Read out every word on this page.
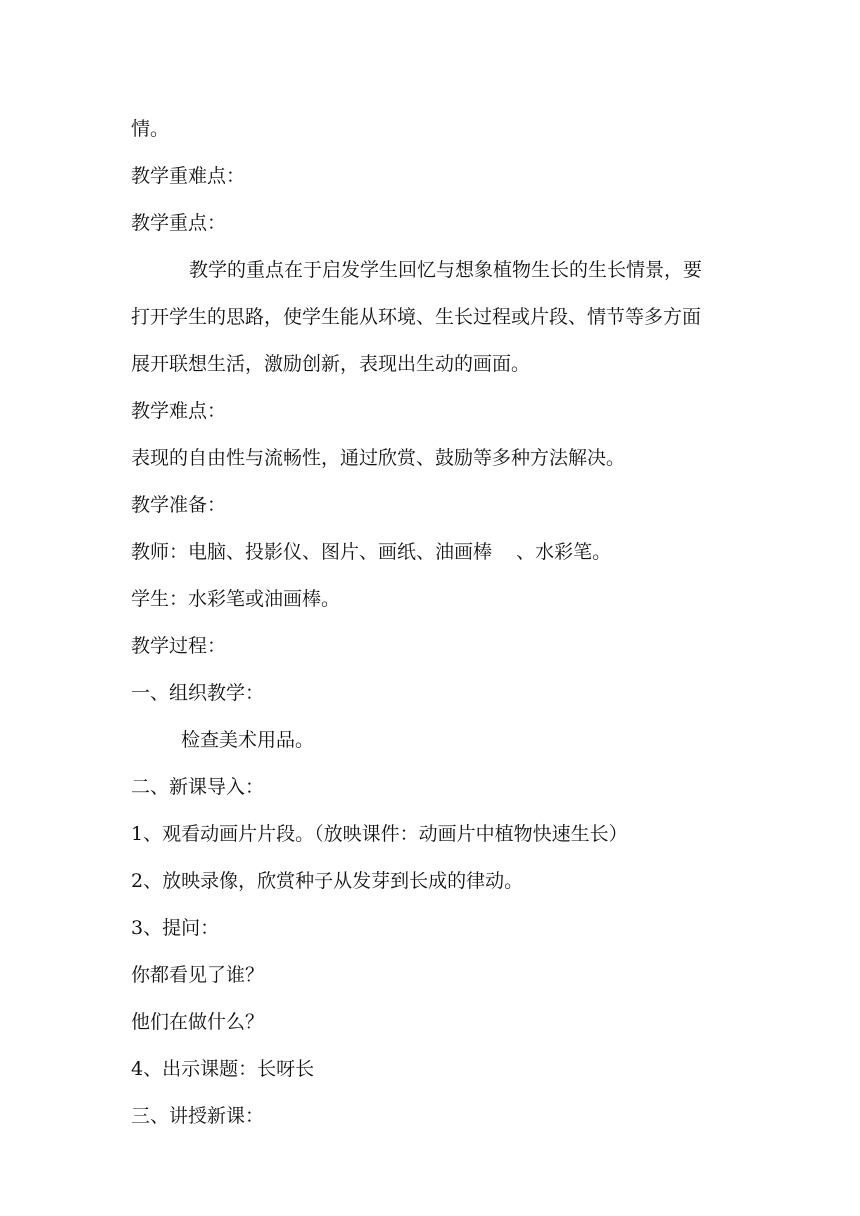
情。
教学重难点：
教学重点：
教学的重点在于启发学生回忆与想象植物生长的生长情景，要
打开学生的思路，使学生能从环境、生长过程或片段、情节等多方面
展开联想生活，激励创新，表现出生动的画面。
教学难点：
表现的自由性与流畅性，通过欣赏、鼓励等多种方法解决。
教学准备：
教师：电脑、投影仪、图片、画纸、油画棒    、水彩笔。
学生：水彩笔或油画棒。
教学过程：
一、组织教学：
检查美术用品。
二、新课导入：
1、观看动画片片段。（放映课件：动画片中植物快速生长）
2、放映录像，欣赏种子从发芽到长成的律动。
3、提问：
你都看见了谁？
他们在做什么？
4、出示课题：长呀长
三、讲授新课：
